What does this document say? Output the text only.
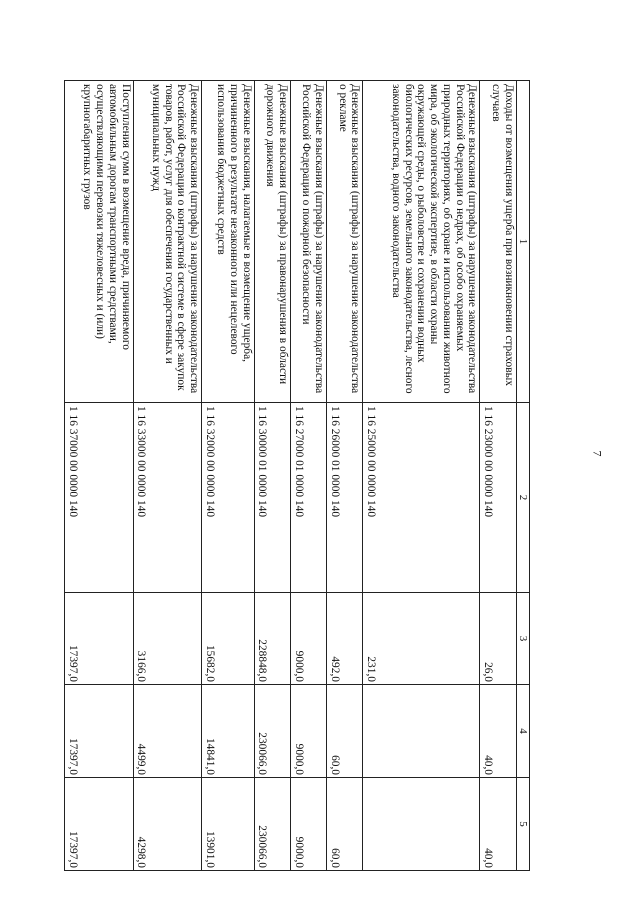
7
1	2	3	4	5
Доходы от возмещения ущерба при возникновении страховых случаев	1 16 23000 00 0000 140	26,0	40,0	40,0
Денежные взыскания (штрафы) за нарушение законодательства Российской Федерации о недрах, об особо охраняемых природных территориях, об охране и использовании животного мира, об экологической экспертизе, в области охраны окружающей среды, о рыболовстве и сохранении водных биологических ресурсов, земельного законодательства, лесного законодательства, водного законодательства	1 16 25000 00 0000 140	231,0		
Денежные взыскания (штрафы) за нарушение законодательства о рекламе	1 16 26000 01 0000 140	492,0	60,0	60,0
Денежные взыскания (штрафы) за нарушение законодательства Российской Федерации о пожарной безопасности	1 16 27000 01 0000 140	9000,0	9000,0	9000,0
Денежные взыскания (штрафы) за правонарушения в области дорожного движения	1 16 30000 01 0000 140	228848,0	230066,0	230066,0
Денежные взыскания, налагаемые в возмещение ущерба, причиненного в результате незаконного или нецелевого использования бюджетных средств	1 16 32000 00 0000 140	15682,0	14841,0	13901,0
Денежные взыскания (штрафы) за нарушение законодательства Российской Федерации о контрактной системе в сфере закупок товаров, работ, услуг для обеспечения государственных и муниципальных нужд	1 16 33000 00 0000 140	3166,0	4499,0	4298,0
Поступления сумм в возмещение вреда, причиняемого автомобильным дорогам транспортными средствами, осуществляющими перевозки тяжеловесных и (или) крупногабаритных грузов	1 16 37000 00 0000 140	17397,0	17397,0	17397,0
